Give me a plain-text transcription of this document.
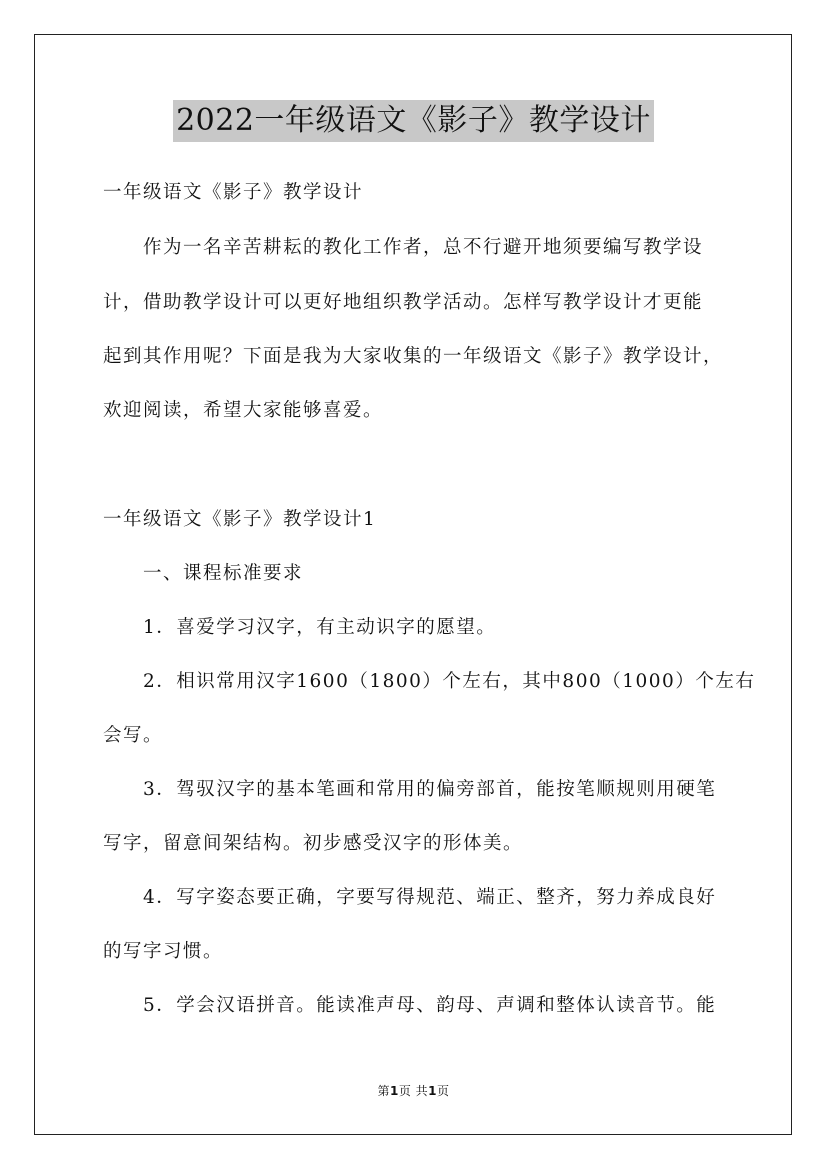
2022一年级语文《影子》教学设计
一年级语文《影子》教学设计
作为一名辛苦耕耘的教化工作者，总不行避开地须要编写教学设
计，借助教学设计可以更好地组织教学活动。怎样写教学设计才更能
起到其作用呢？下面是我为大家收集的一年级语文《影子》教学设计，
欢迎阅读，希望大家能够喜爱。
一年级语文《影子》教学设计1
一、课程标准要求
1．喜爱学习汉字，有主动识字的愿望。
2．相识常用汉字1600（1800）个左右，其中800（1000）个左右
会写。
3．驾驭汉字的基本笔画和常用的偏旁部首，能按笔顺规则用硬笔
写字，留意间架结构。初步感受汉字的形体美。
4．写字姿态要正确，字要写得规范、端正、整齐，努力养成良好
的写字习惯。
5．学会汉语拼音。能读准声母、韵母、声调和整体认读音节。能
第1页 共1页
